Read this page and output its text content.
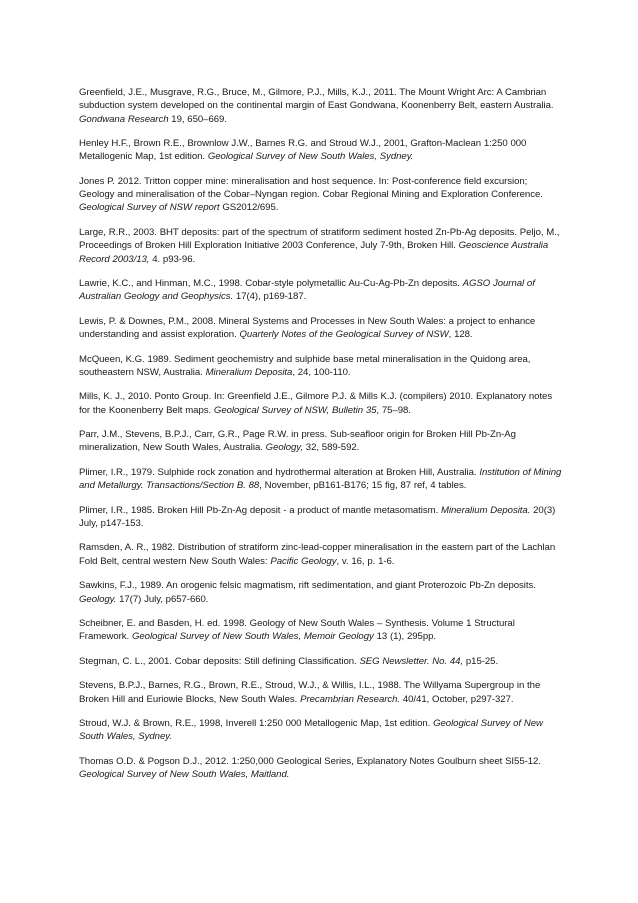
Greenfield, J.E., Musgrave, R.G., Bruce, M., Gilmore, P.J., Mills, K.J., 2011. The Mount Wright Arc: A Cambrian subduction system developed on the continental margin of East Gondwana, Koonenberry Belt, eastern Australia. Gondwana Research 19, 650–669.

Henley H.F., Brown R.E., Brownlow J.W., Barnes R.G. and Stroud W.J., 2001, Grafton-Maclean 1:250 000 Metallogenic Map, 1st edition. Geological Survey of New South Wales, Sydney.

Jones P. 2012. Tritton copper mine: mineralisation and host sequence. In: Post-conference field excursion; Geology and mineralisation of the Cobar–Nyngan region. Cobar Regional Mining and Exploration Conference. Geological Survey of NSW report GS2012/695.

Large, R.R., 2003. BHT deposits: part of the spectrum of stratiform sediment hosted Zn-Pb-Ag deposits. Peljo, M., Proceedings of Broken Hill Exploration Initiative 2003 Conference, July 7-9th, Broken Hill. Geoscience Australia Record 2003/13, 4. p93-96.

Lawrie, K.C., and Hinman, M.C., 1998. Cobar-style polymetallic Au-Cu-Ag-Pb-Zn deposits. AGSO Journal of Australian Geology and Geophysics. 17(4), p169-187.

Lewis, P. & Downes, P.M., 2008. Mineral Systems and Processes in New South Wales: a project to enhance understanding and assist exploration. Quarterly Notes of the Geological Survey of NSW, 128.

McQueen, K.G. 1989. Sediment geochemistry and sulphide base metal mineralisation in the Quidong area, southeastern NSW, Australia. Mineralium Deposita, 24, 100-110.

Mills, K. J., 2010. Ponto Group. In: Greenfield J.E., Gilmore P.J. & Mills K.J. (compilers) 2010. Explanatory notes for the Koonenberry Belt maps. Geological Survey of NSW, Bulletin 35, 75–98.

Parr, J.M., Stevens, B.P.J., Carr, G.R., Page R.W. in press. Sub-seafloor origin for Broken Hill Pb-Zn-Ag mineralization, New South Wales, Australia. Geology, 32, 589-592.

Plimer, I.R., 1979. Sulphide rock zonation and hydrothermal alteration at Broken Hill, Australia. Institution of Mining and Metallurgy. Transactions/Section B. 88, November, pB161-B176; 15 fig, 87 ref, 4 tables.

Plimer, I.R., 1985. Broken Hill Pb-Zn-Ag deposit - a product of mantle metasomatism. Mineralium Deposita. 20(3) July, p147-153.

Ramsden, A. R., 1982. Distribution of stratiform zinc-lead-copper mineralisation in the eastern part of the Lachlan Fold Belt, central western New South Wales: Pacific Geology, v. 16, p. 1-6.

Sawkins, F.J., 1989. An orogenic felsic magmatism, rift sedimentation, and giant Proterozoic Pb-Zn deposits. Geology. 17(7) July, p657-660.

Scheibner, E. and Basden, H. ed. 1998. Geology of New South Wales – Synthesis. Volume 1 Structural Framework. Geological Survey of New South Wales, Memoir Geology 13 (1), 295pp.

Stegman, C. L., 2001. Cobar deposits: Still defining Classification. SEG Newsletter. No. 44, p15-25.

Stevens, B.P.J., Barnes, R.G., Brown, R.E., Stroud, W.J., & Willis, I.L., 1988. The Willyama Supergroup in the Broken Hill and Euriowie Blocks, New South Wales. Precambrian Research. 40/41, October, p297-327.

Stroud, W.J. & Brown, R.E., 1998, Inverell 1:250 000 Metallogenic Map, 1st edition. Geological Survey of New South Wales, Sydney.

Thomas O.D. & Pogson D.J., 2012. 1:250,000 Geological Series, Explanatory Notes Goulburn sheet SI55-12. Geological Survey of New South Wales, Maitland.
